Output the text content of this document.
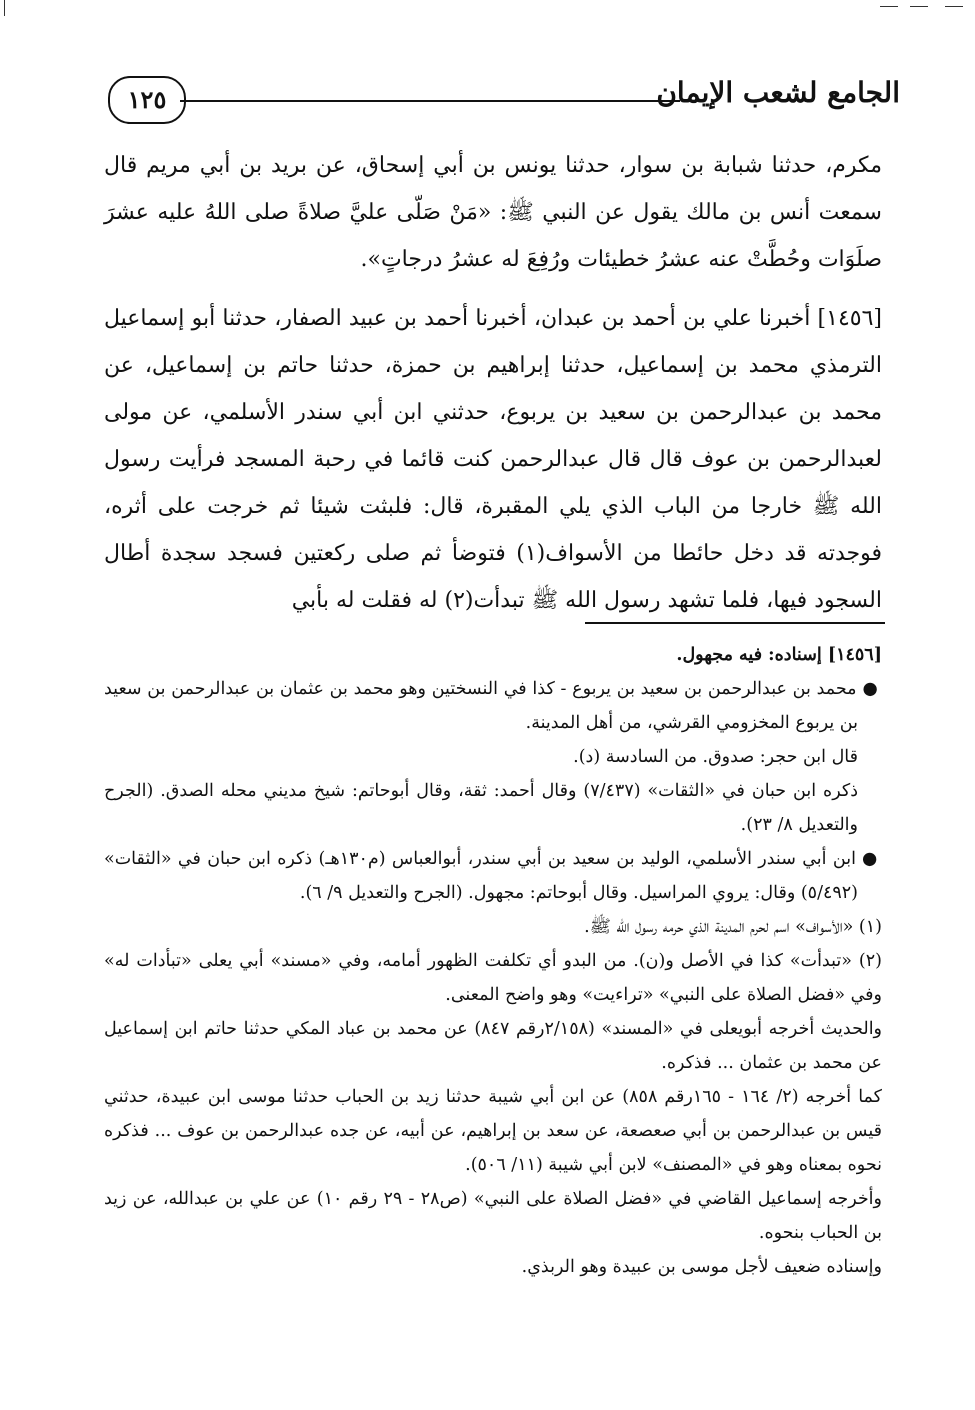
الجامع لشعب الإيمان
١٢٥

مكرم، حدثنا شبابة بن سوار، حدثنا يونس بن أبي إسحاق، عن بريد بن أبي مريم قال سمعت أنس بن مالك يقول عن النبي ﷺ: «مَنْ صَلّى عليَّ صلاةً صلى اللهُ عليه عشرَ صلَوَات وحُطَّتْ عنه عشرُ خطيئات ورُفِعَ له عشرُ درجاتٍ».

[١٤٥٦] أخبرنا علي بن أحمد بن عبدان، أخبرنا أحمد بن عبيد الصفار، حدثنا أبو إسماعيل الترمذي محمد بن إسماعيل، حدثنا إبراهيم بن حمزة، حدثنا حاتم بن إسماعيل، عن محمد بن عبدالرحمن بن سعيد بن يربوع، حدثني ابن أبي سندر الأسلمي، عن مولى لعبدالرحمن بن عوف قال قال عبدالرحمن كنت قائما في رحبة المسجد فرأيت رسول الله ﷺ خارجا من الباب الذي يلي المقبرة، قال: فلبثت شيئا ثم خرجت على أثره، فوجدته قد دخل حائطا من الأسواف(١) فتوضأ ثم صلى ركعتين فسجد سجدة أطال السجود فيها، فلما تشهد رسول الله ﷺ تبدأت(٢) له فقلت له بأبي

[١٤٥٦] إسناده: فيه مجهول.

●محمد بن عبدالرحمن بن سعيد بن يربوع - كذا في النسختين وهو محمد بن عثمان بن عبدالرحمن بن سعيد بن يربوع المخزومي القرشي، من أهل المدينة.

قال ابن حجر: صدوق. من السادسة (د).

ذكره ابن حبان في «الثقات» (٧/٤٣٧) وقال أحمد: ثقة، وقال أبوحاتم: شيخ مديني محله الصدق. (الجرح والتعديل ٨/ ٢٣).

●ابن أبي سندر الأسلمي، الوليد بن سعيد بن أبي سندر، أبوالعباس (م١٣٠هـ) ذكره ابن حبان في «الثقات» (٥/٤٩٢) وقال: يروي المراسيل. وقال أبوحاتم: مجهول. (الجرح والتعديل ٩/ ٦).

(١) «الأسواف» اسم لحرم المدينة الذي حرمه رسول الله ﷺ.

(٢) «تبدأت» كذا في الأصل و(ن). من البدو أي تكلفت الظهور أمامه، وفي «مسند» أبي يعلى «تبأدات له» وفي «فضل الصلاة على النبي» «تراءيت» وهو واضح المعنى.

والحديث أخرجه أبويعلى في «المسند» (٢/١٥٨رقم ٨٤٧) عن محمد بن عباد المكي حدثنا حاتم ابن إسماعيل عن محمد بن عثمان ... فذكره.

كما أخرجه (٢/ ١٦٤ - ١٦٥رقم ٨٥٨) عن ابن أبي شيبة حدثنا زيد بن الحباب حدثنا موسى ابن عبيدة، حدثني قيس بن عبدالرحمن بن أبي صعصعة، عن سعد بن إبراهيم، عن أبيه، عن جده عبدالرحمن بن عوف ... فذكره نحوه بمعناه وهو في «المصنف» لابن أبي شيبة (١١/ ٥٠٦).

وأخرجه إسماعيل القاضي في «فضل الصلاة على النبي» (ص٢٨ - ٢٩ رقم ١٠) عن علي بن عبدالله، عن زيد بن الحباب بنحوه.

وإسناده ضعيف لأجل موسى بن عبيدة وهو الربذي.
